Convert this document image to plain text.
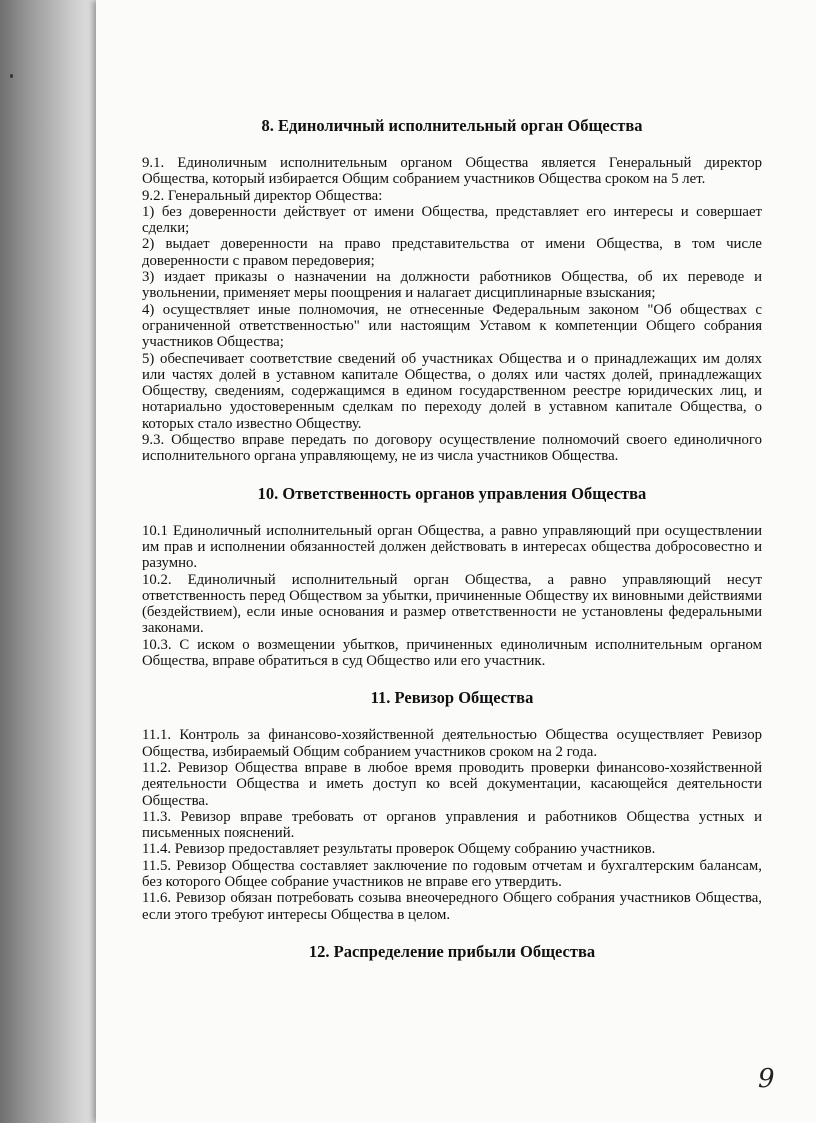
8. Единоличный исполнительный орган Общества

9.1. Единоличным исполнительным органом Общества является Генеральный директор Общества, который избирается Общим собранием участников Общества сроком на 5 лет.

9.2. Генеральный директор Общества:

1) без доверенности действует от имени Общества, представляет его интересы и совершает сделки;

2) выдает доверенности на право представительства от имени Общества, в том числе доверенности с правом передоверия;

3) издает приказы о назначении на должности работников Общества, об их переводе и увольнении, применяет меры поощрения и налагает дисциплинарные взыскания;

4) осуществляет иные полномочия, не отнесенные Федеральным законом "Об обществах с ограниченной ответственностью" или настоящим Уставом к компетенции Общего собрания участников Общества;

5) обеспечивает соответствие сведений об участниках Общества и о принадлежащих им долях или частях долей в уставном капитале Общества, о долях или частях долей, принадлежащих Обществу, сведениям, содержащимся в едином государственном реестре юридических лиц, и нотариально удостоверенным сделкам по переходу долей в уставном капитале Общества, о которых стало известно Обществу.

9.3. Общество вправе передать по договору осуществление полномочий своего единоличного исполнительного органа управляющему, не из числа участников Общества.

10. Ответственность органов управления Общества

10.1 Единоличный исполнительный орган Общества, а равно управляющий при осуществлении им прав и исполнении обязанностей должен действовать в интересах общества добросовестно и разумно.

10.2. Единоличный исполнительный орган Общества, а равно управляющий несут ответственность перед Обществом за убытки, причиненные Обществу их виновными действиями (бездействием), если иные основания и размер ответственности не установлены федеральными законами.

10.3. С иском о возмещении убытков, причиненных единоличным исполнительным органом Общества, вправе обратиться в суд Общество или его участник.

11. Ревизор Общества

11.1. Контроль за финансово-хозяйственной деятельностью Общества осуществляет Ревизор Общества, избираемый Общим собранием участников сроком на 2 года.

11.2. Ревизор Общества вправе в любое время проводить проверки финансово-хозяйственной деятельности Общества и иметь доступ ко всей документации, касающейся деятельности Общества.

11.3. Ревизор вправе требовать от органов управления и работников Общества устных и письменных пояснений.

11.4. Ревизор предоставляет результаты проверок Общему собранию участников.

11.5. Ревизор Общества составляет заключение по годовым отчетам и бухгалтерским балансам, без которого Общее собрание участников не вправе его утвердить.

11.6. Ревизор обязан потребовать созыва внеочередного Общего собрания участников Общества, если этого требуют интересы Общества в целом.

12. Распределение прибыли Общества
9
